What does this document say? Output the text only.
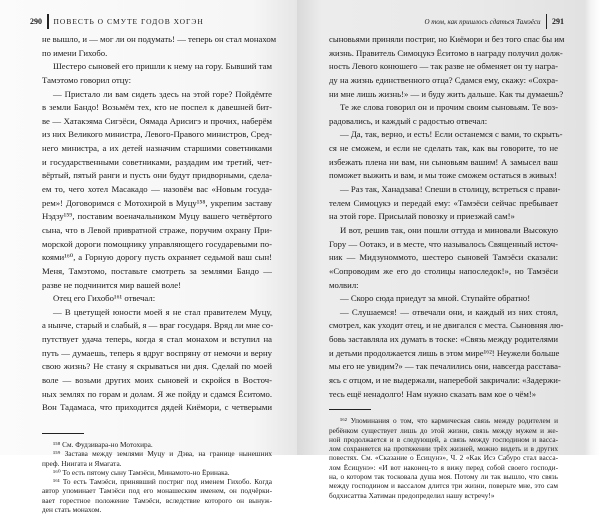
290 ПОВЕСТЬ О СМУТЕ ГОДОВ ХОГЭН
не вышло, и — мог ли он подумать! — теперь он стал монахом
по имени Гихобо.
Шестеро сыновей его пришли к нему на гору. Бывший там
Тамэтомо говорил отцу:
— Пристало ли вам сидеть здесь на этой горе? Пойдёмте
в земли Бандо! Возьмём тех, кто не поспел к давешней бит-
ве — Хатакэяма Сигэёси, Оямада Арисигэ и прочих, наберём
из них Великого министра, Левого-Правого министров, Сред-
него министра, а их детей назначим старшими советниками
и государственными советниками, раздадим им третий, чет-
вёртый, пятый ранги и пусть они будут придворными, сдела-
ем то, чего хотел Масакадо — назовём вас «Новым госуда-
рем»! Договоримся с Мотохирой в Муцу¹⁵⁸, укрепим заставу
Нэдзу¹⁵⁹, поставим военачальником Муцу вашего четвёртого
сына, что в Левой привратной страже, поручим охрану При-
морской дороги помощнику управляющего государевыми по-
коями¹⁶⁰, а Горную дорогу пусть охраняет седьмой ваш сын!
Меня, Тамэтомо, поставьте смотреть за землями Бандо —
разве не подчинится мир вашей воле!
Отец его Гихобо¹⁶¹ отвечал:
— В цветущей юности моей я не стал правителем Муцу,
а нынче, старый и слабый, я — враг государя. Вряд ли мне со-
путствует удача теперь, когда я стал монахом и вступил на
путь — думаешь, теперь я вдруг воспряну от немочи и верну
свою жизнь? Не стану я скрываться ни дня. Сделай по моей
воле — возьми других моих сыновей и скройся в Восточ-
ных землях по горам и долам. Я же пойду и сдамся Ёситомо.
Вон Тадамаса, что приходится дядей Киёмори, с четверыми
¹⁵⁸ См. Фудзивара-но Мотохира.
¹⁵⁹ Застава между землями Муцу и Дэва, на границе нынешних
преф. Ниигата и Ямагата.
¹⁶⁰ То есть пятому сыну Тамэёси, Минамото-но Ёринака.
¹⁶¹ То есть Тамэёси, принявший постриг под именем Гихобо. Когда
автор упоминает Тамэёси под его монашеским именем, он подчёрки-
вает горестное положение Тамэёси, вследствие которого он вынуж-
ден стать монахом.
О том, как пришлось сдаться Тамэёси 291
сыновьями приняли постриг, но Киёмори и без того спас бы им
жизнь. Правитель Симоцукэ Ёситомо в награду получил долж-
ность Левого конюшего — так разве не обменяет он ту награ-
ду на жизнь единственного отца? Сдамся ему, скажу: «Сохра-
ни мне лишь жизнь!» — и буду жить дальше. Как ты думаешь?
Те же слова говорил он и прочим своим сыновьям. Те воз-
радовались, и каждый с радостью отвечал:
— Да, так, верно, и есть! Если останемся с вами, то скрыть-
ся не сможем, и если не сделать так, как вы говорите, то не
избежать плена ни вам, ни сыновьям вашим! А замысел ваш
поможет выжить и вам, и мы тоже сможем остаться в живых!
— Раз так, Ханадзава! Спеши в столицу, встреться с прави-
телем Симоцукэ и передай ему: «Тамэёси сейчас пребывает
на этой горе. Присылай повозку и приезжай сам!»
И вот, решив так, они пошли оттуда и миновали Высокую
Гору — Оотакэ, и в месте, что называлось Священный источ-
ник — Мидзуноммото, шестеро сыновей Тамэёси сказали:
«Сопроводим же его до столицы напоследок!», но Тамэёси
молвил:
— Скоро сюда приедут за мной. Ступайте обратно!
— Слушаемся! — отвечали они, и каждый из них стоял,
смотрел, как уходит отец, и не двигался с места. Сыновняя лю-
бовь заставляла их думать в тоске: «Связь между родителями
и детьми продолжается лишь в этом мире¹⁶²! Неужели больше
мы его не увидим?» — так печалились они, навсегда расстава-
ясь с отцом, и не выдержали, наперебой закричали: «Задержи-
тесь ещё ненадолго! Нам нужно сказать вам кое о чём!»
¹⁶² Упоминания о том, что кармическая связь между родителем и
ребёнком существует лишь до этой жизни, связь между мужем и же-
ной продолжается и в следующей, а связь между господином и васса-
лом сохраняется на протяжении трёх жизней, можно видеть и в других
повестях. См. «Сказание о Ёсицунэ», Ч. 2 «Как Исэ Сабуро стал васса-
лом Ёсицунэ»: «И вот наконец-то я вижу перед собой своего господи-
на, о котором так тосковала душа моя. Потому ли так вышло, что связь
между господином и вассалом длится три жизни, поверьте мне, это сам
бодхисаттва Хатиман предопределил нашу встречу!»
